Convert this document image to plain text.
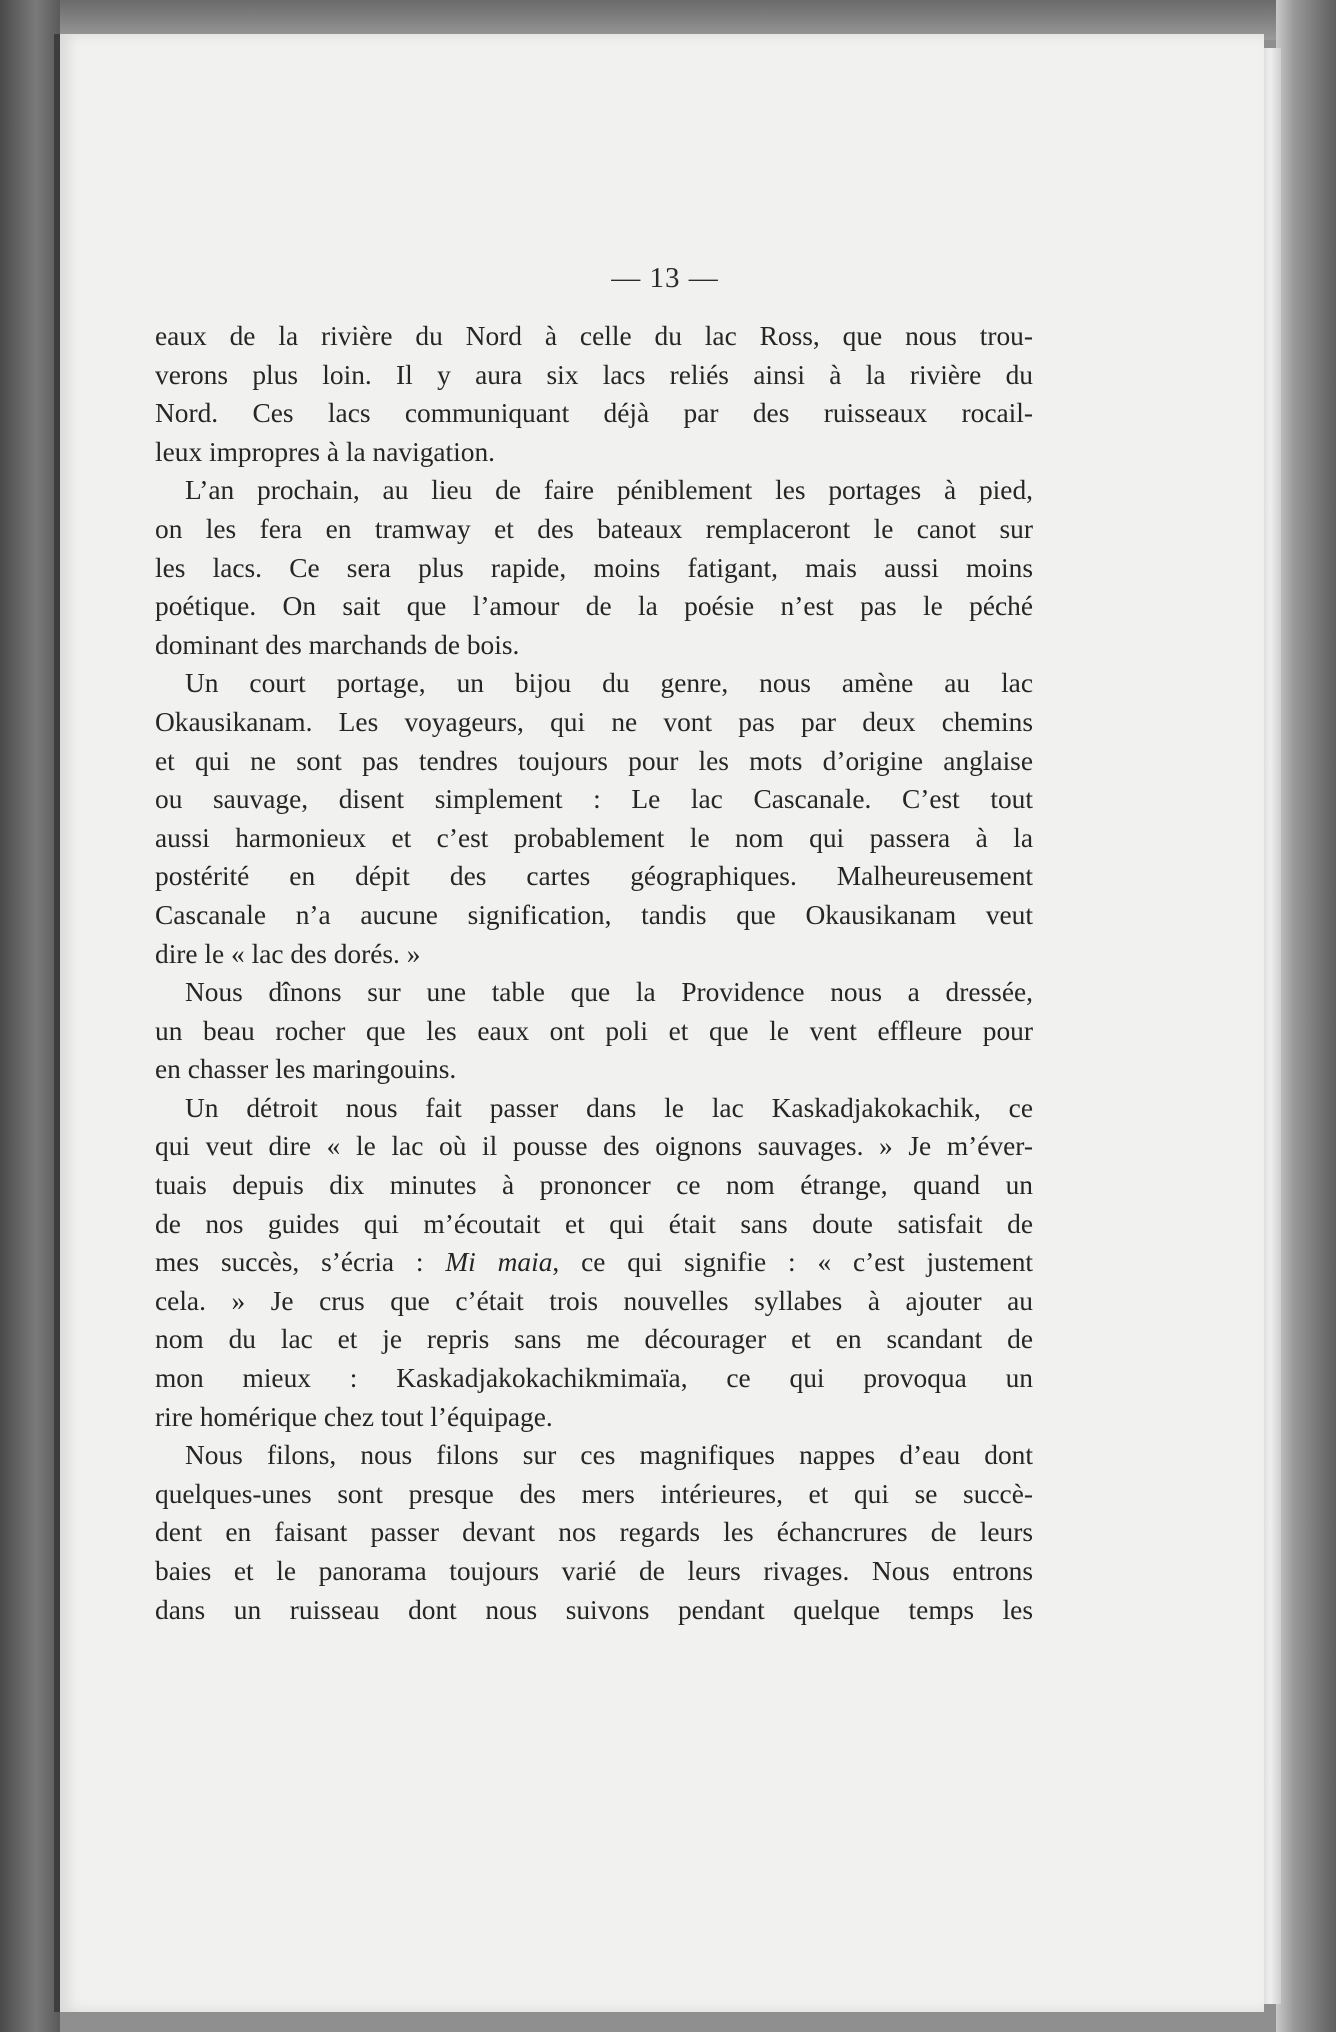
— 13 —
eaux de la rivière du Nord à celle du lac Ross, que nous trou-
verons plus loin. Il y aura six lacs reliés ainsi à la rivière du
Nord. Ces lacs communiquant déjà par des ruisseaux rocail-
leux impropres à la navigation.
L’an prochain, au lieu de faire péniblement les portages à pied,
on les fera en tramway et des bateaux remplaceront le canot sur
les lacs. Ce sera plus rapide, moins fatigant, mais aussi moins
poétique. On sait que l’amour de la poésie n’est pas le péché
dominant des marchands de bois.
Un court portage, un bijou du genre, nous amène au lac
Okausikanam. Les voyageurs, qui ne vont pas par deux chemins
et qui ne sont pas tendres toujours pour les mots d’origine anglaise
ou sauvage, disent simplement : Le lac Cascanale. C’est tout
aussi harmonieux et c’est probablement le nom qui passera à la
postérité en dépit des cartes géographiques. Malheureusement
Cascanale n’a aucune signification, tandis que Okausikanam veut
dire le « lac des dorés. »
Nous dînons sur une table que la Providence nous a dressée,
un beau rocher que les eaux ont poli et que le vent effleure pour
en chasser les maringouins.
Un détroit nous fait passer dans le lac Kaskadjakokachik, ce
qui veut dire « le lac où il pousse des oignons sauvages. » Je m’éver-
tuais depuis dix minutes à prononcer ce nom étrange, quand un
de nos guides qui m’écoutait et qui était sans doute satisfait de
mes succès, s’écria : Mi maia, ce qui signifie : « c’est justement
cela. » Je crus que c’était trois nouvelles syllabes à ajouter au
nom du lac et je repris sans me décourager et en scandant de
mon mieux : Kaskadjakokachikmimaïa, ce qui provoqua un
rire homérique chez tout l’équipage.
Nous filons, nous filons sur ces magnifiques nappes d’eau dont
quelques-unes sont presque des mers intérieures, et qui se succè-
dent en faisant passer devant nos regards les échancrures de leurs
baies et le panorama toujours varié de leurs rivages. Nous entrons
dans un ruisseau dont nous suivons pendant quelque temps les
